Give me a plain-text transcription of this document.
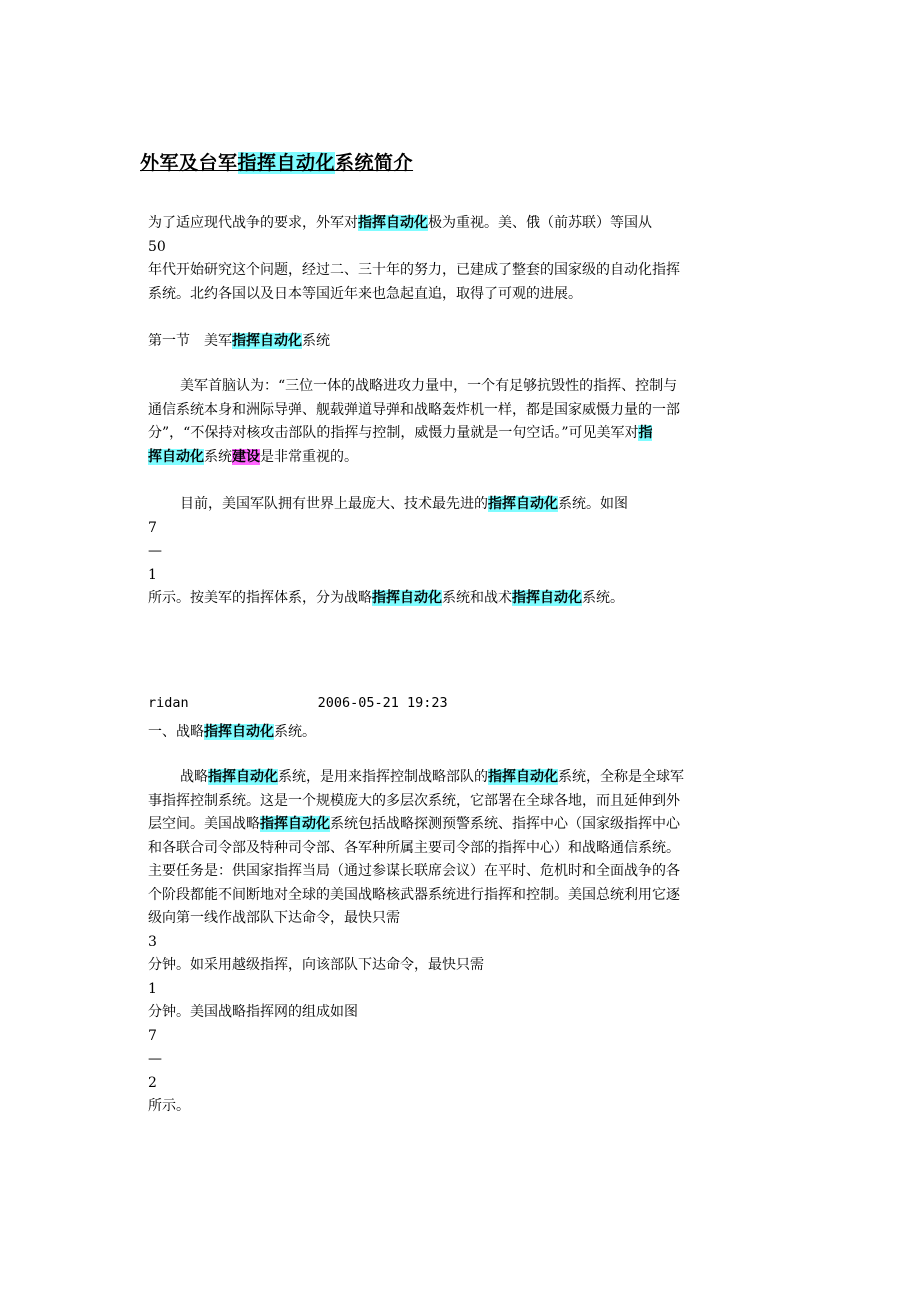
外军及台军指挥自动化系统简介
为了适应现代战争的要求，外军对指挥自动化极为重视。美、俄（前苏联）等国从
50
年代开始研究这个问题，经过二、三十年的努力，已建成了整套的国家级的自动化指挥
系统。北约各国以及日本等国近年来也急起直追，取得了可观的进展。
第一节　美军指挥自动化系统
美军首脑认为：“三位一体的战略进攻力量中，一个有足够抗毁性的指挥、控制与
通信系统本身和洲际导弹、舰载弹道导弹和战略轰炸机一样，都是国家威慑力量的一部
分”，“不保持对核攻击部队的指挥与控制，威慑力量就是一句空话。”可见美军对指
挥自动化系统建设是非常重视的。
目前，美国军队拥有世界上最庞大、技术最先进的指挥自动化系统。如图
7
—
1
所示。按美军的指挥体系，分为战略指挥自动化系统和战术指挥自动化系统。
ridan	2006-05-21 19:23
一、战略指挥自动化系统。
战略指挥自动化系统，是用来指挥控制战略部队的指挥自动化系统，全称是全球军
事指挥控制系统。这是一个规模庞大的多层次系统，它部署在全球各地，而且延伸到外
层空间。美国战略指挥自动化系统包括战略探测预警系统、指挥中心（国家级指挥中心
和各联合司令部及特种司令部、各军种所属主要司令部的指挥中心）和战略通信系统。
主要任务是：供国家指挥当局（通过参谋长联席会议）在平时、危机时和全面战争的各
个阶段都能不间断地对全球的美国战略核武器系统进行指挥和控制。美国总统利用它逐
级向第一线作战部队下达命令，最快只需
3
分钟。如采用越级指挥，向该部队下达命令，最快只需
1
分钟。美国战略指挥网的组成如图
7
—
2
所示。
